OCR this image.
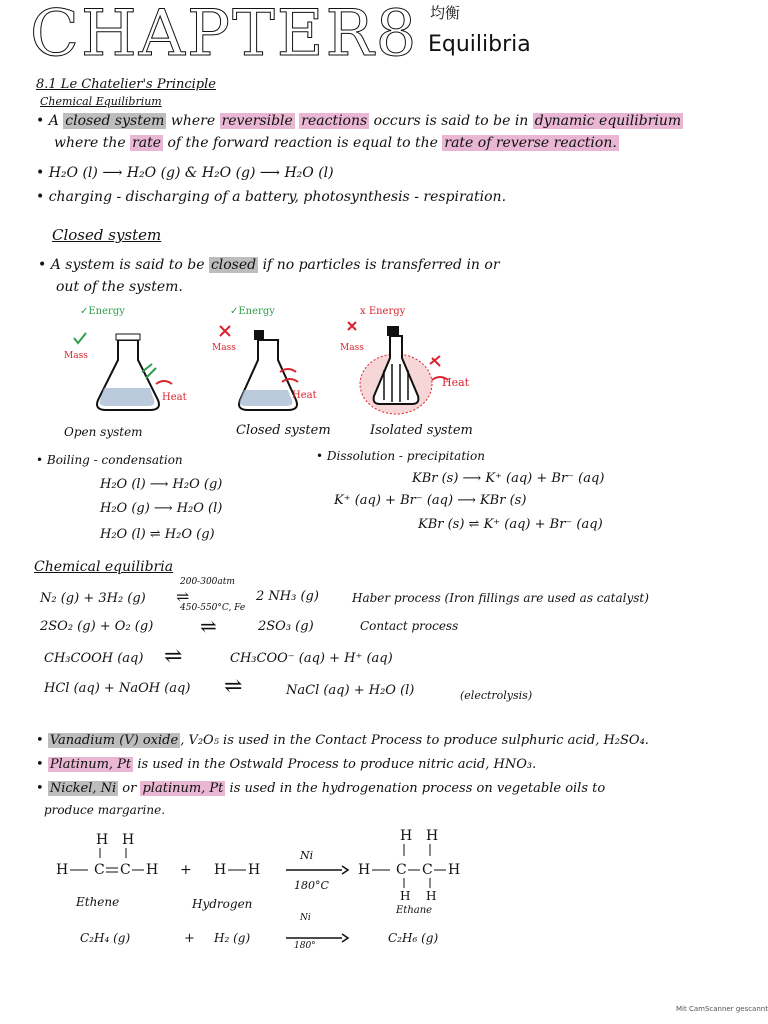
CHAPTER8 均衡
Equilibria
8.1 Le Chatelier's Principle
Chemical Equilibrium
• A closed system where reversible reactions occurs is said to be in dynamic equilibrium
where the rate of the forward reaction is equal to the rate of reverse reaction.
• H₂O (l) ⟶ H₂O (g) & H₂O (g) ⟶ H₂O (l)
• charging - discharging of a battery, photosynthesis - respiration.
Closed system
• A system is said to be closed if no particles is transferred in or
out of the system.
✓Energy
Mass
Heat
✓Energy
Mass
Heat
x Energy
Mass
Heat
Open system	Closed system	Isolated system
• Boiling - condensation
H₂O (l) ⟶ H₂O (g)
H₂O (g) ⟶ H₂O (l)
H₂O (l) ⇌ H₂O (g)
• Dissolution - precipitation
KBr (s) ⟶ K⁺ (aq) + Br⁻ (aq)
K⁺ (aq) + Br⁻ (aq) ⟶ KBr (s)
KBr (s) ⇌ K⁺ (aq) + Br⁻ (aq)
Chemical equilibria
N₂ (g) + 3H₂ (g)
200-300atm
⇌
450-550°C, Fe
2 NH₃ (g)	Haber process (Iron fillings are used as catalyst)
2SO₂ (g) + O₂ (g) ⇌	2SO₃ (g)	Contact process
CH₃COOH (aq) ⇌	CH₃COO⁻ (aq) + H⁺ (aq)
HCl (aq) + NaOH (aq) ⇌	NaCl (aq) + H₂O (l)	(electrolysis)
• Vanadium (V) oxide , V₂O₅ is used in the Contact Process to produce sulphuric acid, H₂SO₄.
• Platinum, Pt is used in the Ostwald Process to produce nitric acid, HNO₃.
• Nickel, Ni or platinum, Pt is used in the hydrogenation process on vegetable oils to
produce margarine.
H H
H C C H + H H
H H
H C C H
H H
Ni
180°C
Ni
180°
Ethene	Hydrogen	Ethane
C₂H₄ (g)	+ H₂ (g)	C₂H₆ (g)
Mit CamScanner gescannt
